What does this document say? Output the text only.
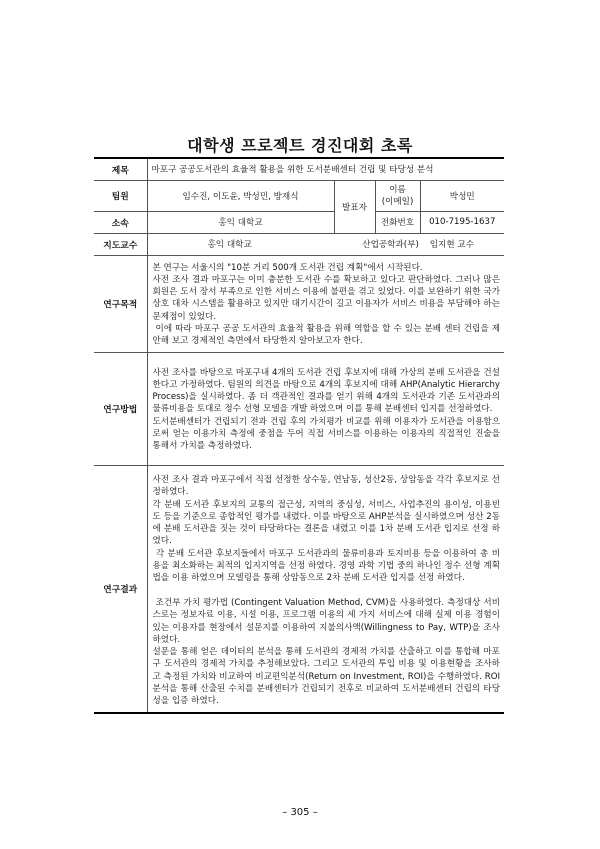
대학생 프로젝트 경진대회 초록
제목	마포구 공공도서관의 효율적 활용을 위한 도서분배센터 건립 및 타당성 분석			
팀원	임수진, 이도윤, 박성민, 방재식	발표자	이름
(이메일)	박성민
소속	홍익 대학교		전화번호	010-7195-1637
지도교수	홍익 대학교 산업공학과(부) 임지현 교수			

연구목적	본 연구는 서울시의 "10분 거리 500개 도서관 건립 계획"에서 시작된다.
사전 조사 결과 마포구는 이미 충분한 도서관 수를 확보하고 있다고 판단하였다. 그러나 많은 회원은 도서 장서 부족으로 인한 서비스 이용에 불편을 겪고 있었다. 이를 보완하기 위한 국가 상호 대차 시스템을 활용하고 있지만 대기시간이 길고 이용자가 서비스 비용을 부담해야 하는 문제점이 있었다.
이에 따라 마포구 공공 도서관의 효율적 활용을 위해 역할을 할 수 있는 분배 센터 건립을 제안해 보고 경제적인 측면에서 타당한지 알아보고자 한다.			

연구방법	사전 조사를 바탕으로 마포구내 4개의 도서관 건립 후보지에 대해 가상의 분배 도서관을 건설한다고 가정하였다. 팀원의 의견을 바탕으로 4개의 후보지에 대해 AHP(Analytic Hierarchy Process)을 실시하였다. 좀 더 객관적인 결과를 얻기 위해 4개의 도서관과 기존 도서관과의 물류비용을 토대로 정수 선형 모델을 개발 하였으며 이를 통해 분배센터 입지를 선정하였다.
도서분배센터가 건립되기 전과 건립 후의 가치평가 비교를 위해 이용자가 도서관을 이용함으로써 얻는 이용가치 측정에 중점을 두어 직접 서비스를 이용하는 이용자의 직접적인 진술을 통해서 가치를 측정하였다.			

연구결과	사전 조사 결과 마포구에서 직접 선정한 상수동, 연남동, 성산2동, 상암동을 각각 후보지로 선정하였다.
각 분배 도서관 후보지의 교통의 접근성, 지역의 중심성, 서비스, 사업추진의 용이성, 이용빈도 등을 기준으로 종합적인 평가를 내렸다. 이를 바탕으로 AHP분석을 실시하였으며 성산 2동에 분배 도서관을 짓는 것이 타당하다는 결론을 내렸고 이를 1차 분배 도서관 입지로 선정 하였다.
각 분배 도서관 후보지들에서 마포구 도서관과의 물류비용과 토지비용 등을 이용하여 총 비용을 최소화하는 최적의 입지지역을 선정 하였다. 경영 과학 기법 중의 하나인 정수 선형 계획법을 이용 하였으며 모델링을 통해 상암동으로 2차 분배 도서관 입지를 선정 하였다.

조건부 가치 평가법 (Contingent Valuation Method, CVM)을 사용하였다. 측정대상 서비스로는 정보자료 이용, 시설 이용, 프로그램 이용의 세 가지 서비스에 대해 실제 이용 경험이 있는 이용자를 현장에서 설문지를 이용하여 지불의사액(Willingness to Pay, WTP)을 조사하였다.
설문을 통해 얻은 데이터의 분석을 통해 도서관의 경제적 가치를 산출하고 이를 통합해 마포구 도서관의 경제적 가치를 추정해보았다. 그리고 도서관의 투입 비용 및 이용현황을 조사하고 측정된 가치와 비교하여 비교편익분석(Return on Investment, ROI)을 수행하였다. ROI분석을 통해 산출된 수치를 분배센터가 건립되기 전후로 비교하여 도서분배센터 건립의 타당성을 입증 하였다.			

– 305 –
